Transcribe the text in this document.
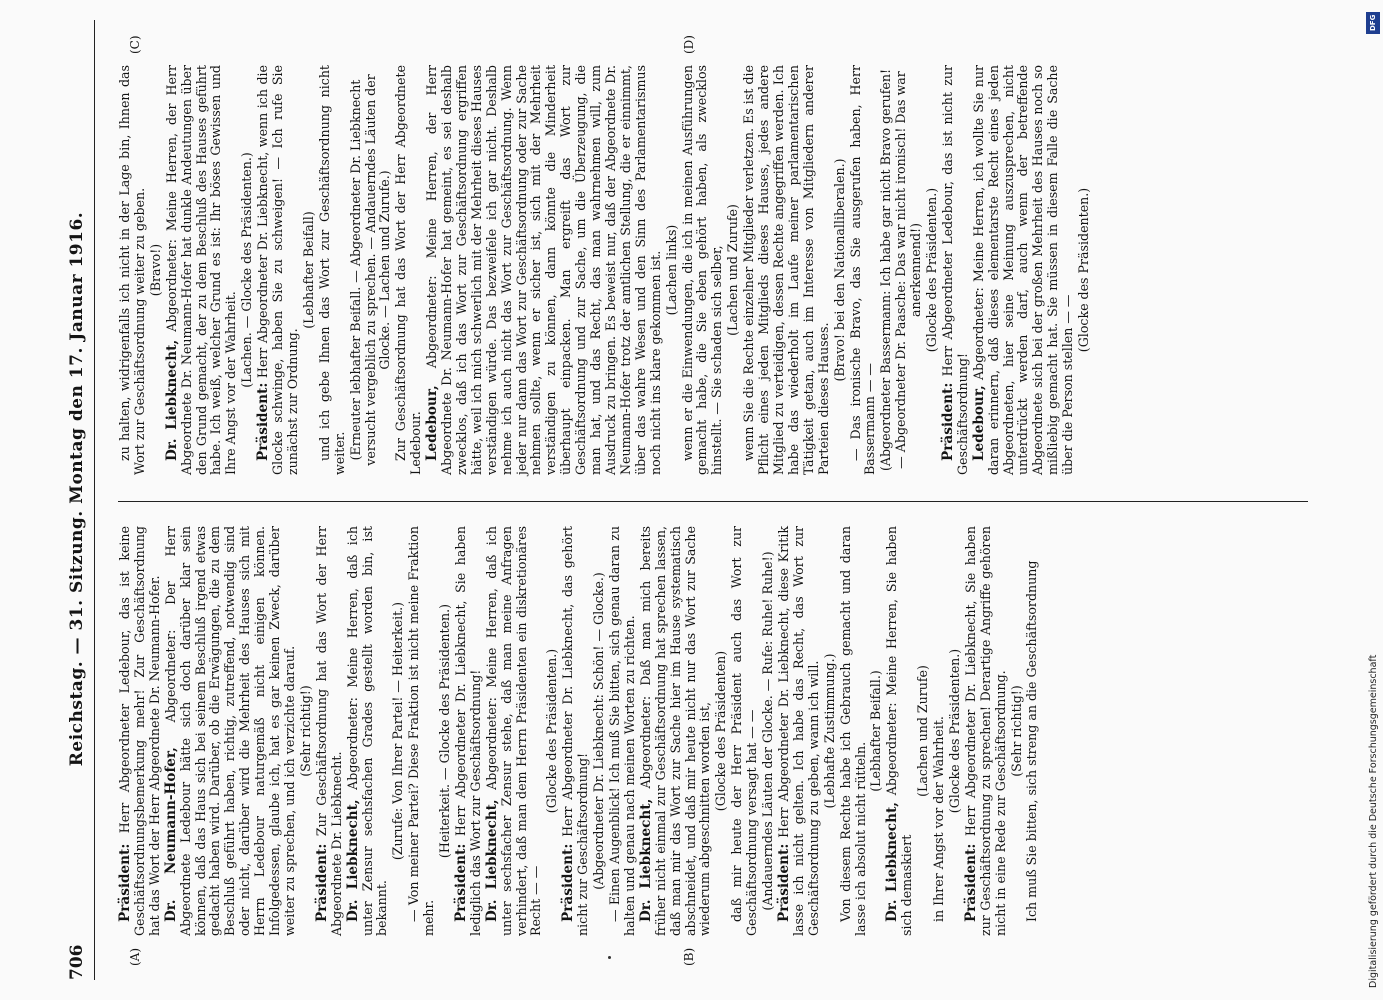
706
Reichstag. — 31. Sitzung. Montag den 17. Januar 1916.
(A)	(B)
(C)	(D)

Präsident: Herr Abgeordneter Ledebour, das ist keine Geschäftsordnungsbemerkung mehr! Zur Geschäftsordnung hat das Wort der Herr Abgeordnete Dr. Neumann-Hofer. Dr. Neumann-Hofer, Abgeordneter: Der Herr Abgeordnete Ledebour hätte sich doch darüber klar sein können, daß das Haus sich bei seinem Beschluß irgend etwas gedacht haben wird. Darüber, ob die Erwägungen, die zu dem Beschluß geführt haben, richtig, zutreffend, notwendig sind oder nicht, darüber wird die Mehrheit des Hauses sich mit Herrn Ledebour naturgemäß nicht einigen können. Infolgedessen, glaube ich, hat es gar keinen Zweck, darüber weiter zu sprechen, und ich verzichte darauf. (Sehr richtig!)

Präsident: Zur Geschäftsordnung hat das Wort der Herr Abgeordnete Dr. Liebknecht. Dr. Liebknecht, Abgeordneter: Meine Herren, daß ich unter Zensur sechsfachen Grades gestellt worden bin, ist bekannt.

(Zurufe: Von Ihrer Partei! — Heiterkeit.) — Von meiner Partei? Diese Fraktion ist nicht meine Fraktion mehr.

(Heiterkeit. — Glocke des Präsidenten.)

Präsident: Herr Abgeordneter Dr. Liebknecht, Sie haben lediglich das Wort zur Geschäftsordnung! Dr. Liebknecht, Abgeordneter: Meine Herren, daß ich unter sechsfacher Zensur stehe, daß man meine Anfragen verhindert, daß man dem Herrn Präsidenten ein diskretionäres Recht — —

(Glocke des Präsidenten.)

Präsident: Herr Abgeordneter Dr. Liebknecht, das gehört nicht zur Geschäftsordnung! (Abgeordneter Dr. Liebknecht: Schön! — Glocke.) — Einen Augenblick! Ich muß Sie bitten, sich genau daran zu halten und genau nach meinen Worten zu richten. Dr. Liebknecht, Abgeordneter: Daß man mich bereits früher nicht einmal zur Geschäftsordnung hat sprechen lassen, daß man mir das Wort zur Sache hier im Hause systematisch abschneidet, und daß mir heute nicht nur das Wort zur Sache wiederum abgeschnitten worden ist, (Glocke des Präsidenten) daß mir heute der Herr Präsident auch das Wort zur Geschäftsordnung versagt hat — — (Andauerndes Läuten der Glocke. — Rufe: Ruhe! Ruhe!) Präsident: Herr Abgeordneter Dr. Liebknecht, diese Kritik lasse ich nicht gelten. Ich habe das Recht, das Wort zur Geschäftsordnung zu geben, wann ich will. (Lebhafte Zustimmung.) Von diesem Rechte habe ich Gebrauch gemacht und daran lasse ich absolut nicht rütteln.

(Lebhafter Beifall.)

Dr. Liebknecht, Abgeordneter: Meine Herren, Sie haben sich demaskiert

(Lachen und Zurufe) in Ihrer Angst vor der Wahrheit. (Glocke des Präsidenten.)

Präsident: Herr Abgeordneter Dr. Liebknecht, Sie haben zur Geschäftsordnung zu sprechen! Derartige Angriffe gehören nicht in eine Rede zur Geschäftsordnung. (Sehr richtig!) Ich muß Sie bitten, sich streng an die Geschäftsordnung

zu halten, widrigenfalls ich nicht in der Lage bin, Ihnen das Wort zur Geschäftsordnung weiter zu geben. (Bravo!)

Dr. Liebknecht, Abgeordneter: Meine Herren, der Herr Abgeordnete Dr. Neumann-Hofer hat dunkle Andeutungen über den Grund gemacht, der zu dem Beschluß des Hauses geführt habe. Ich weiß, welcher Grund es ist: Ihr böses Gewissen und Ihre Angst vor der Wahrheit. (Lachen. — Glocke des Präsidenten.)

Präsident: Herr Abgeordneter Dr. Liebknecht, wenn ich die Glocke schwinge, haben Sie zu schweigen! — Ich rufe Sie zunächst zur Ordnung.

(Lebhafter Beifall) und ich gebe Ihnen das Wort zur Geschäftsordnung nicht weiter. (Erneuter lebhafter Beifall. — Abgeordneter Dr. Liebknecht versucht vergeblich zu sprechen. — Andauerndes Läuten der Glocke. — Lachen und Zurufe.) Zur Geschäftsordnung hat das Wort der Herr Abgeordnete Ledebour. Ledebour, Abgeordneter: Meine Herren, der Herr Abgeordnete Dr. Neumann-Hofer hat gemeint, es sei deshalb zwecklos, daß ich das Wort zur Geschäftsordnung ergriffen hätte, weil ich mich schwerlich mit der Mehrheit dieses Hauses verständigen würde. Das bezweifele ich gar nicht. Deshalb nehme ich auch nicht das Wort zur Geschäftsordnung. Wenn jeder nur dann das Wort zur Geschäftsordnung oder zur Sache nehmen sollte, wenn er sicher ist, sich mit der Mehrheit verständigen zu können, dann könnte die Minderheit überhaupt einpacken. Man ergreift das Wort zur Geschäftsordnung und zur Sache, um die Überzeugung, die man hat, und das Recht, das man wahrnehmen will, zum Ausdruck zu bringen. Es beweist nur, daß der Abgeordnete Dr. Neumann-Hofer trotz der amtlichen Stellung, die er einnimmt, über das wahre Wesen und den Sinn des Parlamentarismus noch nicht ins klare gekommen ist. (Lachen links) wenn er die Einwendungen, die ich in meinen Ausführungen gemacht habe, die Sie eben gehört haben, als zwecklos hinstellt. — Sie schaden sich selber, (Lachen und Zurufe) wenn Sie die Rechte einzelner Mitglieder verletzen. Es ist die Pflicht eines jeden Mitglieds dieses Hauses, jedes andere Mitglied zu verteidigen, dessen Rechte angegriffen werden. Ich habe das wiederholt im Laufe meiner parlamentarischen Tätigkeit getan, auch im Interesse von Mitgliedern anderer Parteien dieses Hauses.

(Bravo! bei den Nationalliberalen.) — Das ironische Bravo, das Sie ausgerufen haben, Herr Bassermann — — (Abgeordneter Bassermann: Ich habe gar nicht Bravo gerufen! — Abgeordneter Dr. Paasche: Das war nicht ironisch! Das war anerkennend!) (Glocke des Präsidenten.)

Präsident: Herr Abgeordneter Ledebour, das ist nicht zur Geschäftsordnung! Ledebour, Abgeordneter: Meine Herren, ich wollte Sie nur daran erinnern, daß dieses elementarste Recht eines jeden Abgeordneten, hier seine Meinung auszusprechen, nicht unterdrückt werden darf, auch wenn der betreffende Abgeordnete sich bei der großen Mehrheit des Hauses noch so mißliebig gemacht hat. Sie müssen in diesem Falle die Sache über die Person stellen — —

(Glocke des Präsidenten.)

DFG
Digitalisierung gefördert durch die Deutsche Forschungsgemeinschaft
